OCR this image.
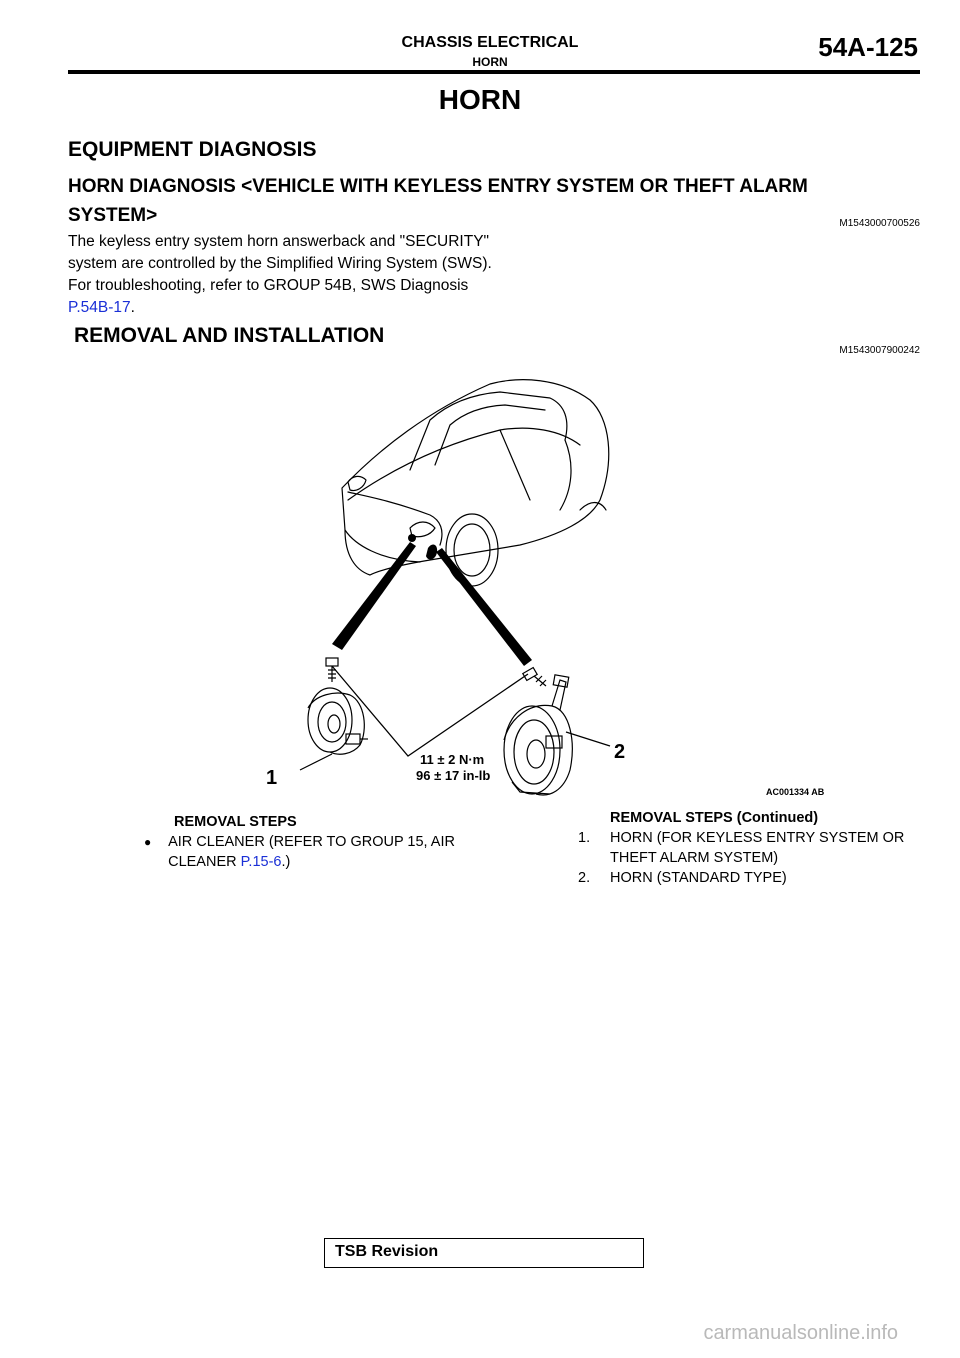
CHASSIS ELECTRICAL
HORN	54A-125
HORN
EQUIPMENT DIAGNOSIS
HORN DIAGNOSIS <VEHICLE WITH KEYLESS ENTRY SYSTEM OR THEFT ALARM SYSTEM>	M1543000700526
The keyless entry system horn answerback and "SECURITY" system are controlled by the Simplified Wiring System (SWS). For troubleshooting, refer to GROUP 54B, SWS Diagnosis P.54B-17.
REMOVAL AND INSTALLATION
M1543007900242
1
2
11 ± 2 N·m
96 ± 17 in-lb
AC001334 AB
REMOVAL STEPS
●	AIR CLEANER (REFER TO GROUP 15, AIR CLEANER P.15-6.)
REMOVAL STEPS (Continued)
1.	HORN (FOR KEYLESS ENTRY SYSTEM OR THEFT ALARM SYSTEM)
2.	HORN (STANDARD TYPE)
TSB Revision
carmanualsonline.info
